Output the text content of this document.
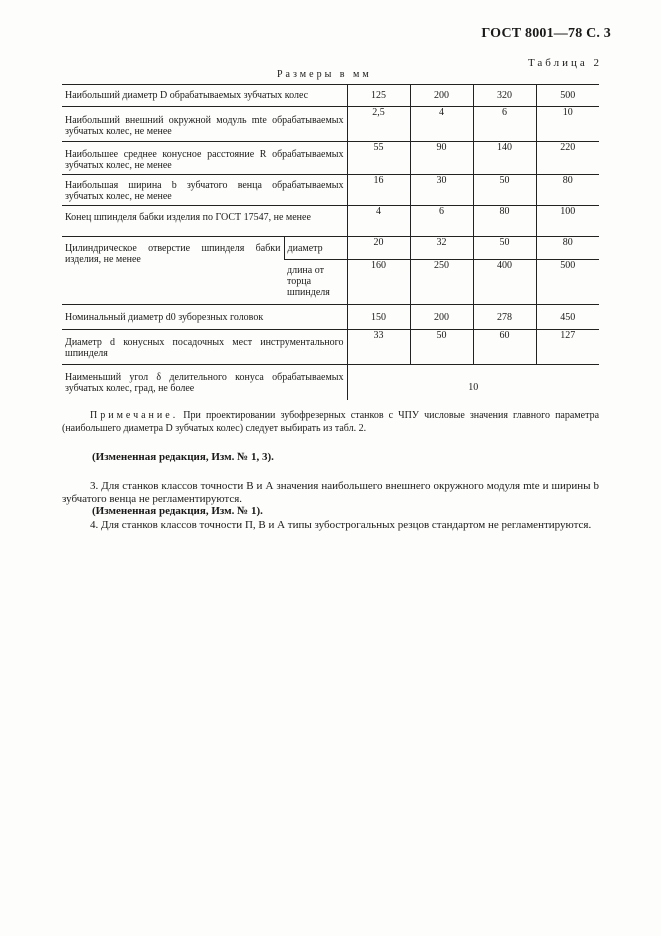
ГОСТ 8001—78 С. 3
Таблица 2
Размеры в мм
Наибольший диаметр D обрабатываемых зубчатых колес		125	200	320	500
Наибольший внешний окружной модуль mte обрабатываемых зубчатых колес, не менее		2,5	4	6	10
Наибольшее среднее конусное расстояние R обрабатываемых зубчатых колес, не менее		55	90	140	220
Наибольшая ширина b зубчатого венца обрабатываемых зубчатых колес, не менее		16	30	50	80
Конец шпинделя бабки изделия по ГОСТ 17547, не менее		4	6	80	100
Цилиндрическое отверстие шпинделя бабки изделия, не менее	диаметр	20	32	50	80
	длина от торца шпинделя	160	250	400	500
Номинальный диаметр d0 зуборезных головок		150	200	278	450
Диаметр d конусных посадочных мест инструментального шпинделя		33	50	60	127
Наименьший угол δ делительного конуса обрабатываемых зубчатых колес, град, не более		10			
Примечание. При проектировании зубофрезерных станков с ЧПУ числовые значения главного параметра (наибольшего диаметра D зубчатых колес) следует выбирать из табл. 2.
(Измененная редакция, Изм. № 1, 3).
3. Для станков классов точности В и А значения наибольшего внешнего окружного модуля mte и ширины b зубчатого венца не регламентируются.
(Измененная редакция, Изм. № 1).
4. Для станков классов точности П, В и А типы зубострогальных резцов стандартом не регламентируются.
